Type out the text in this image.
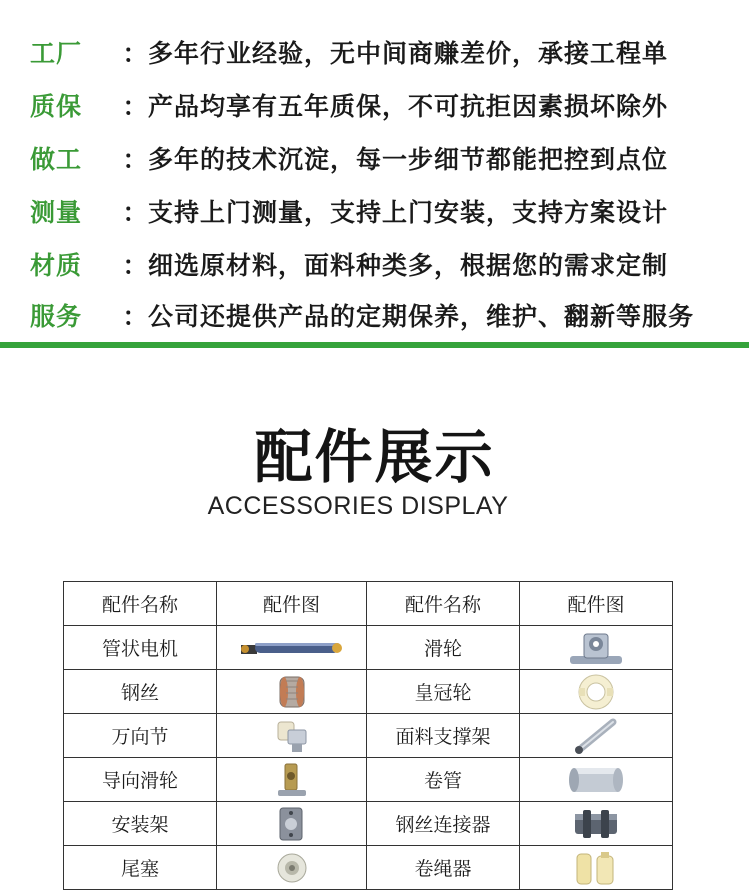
工厂	： 多年行业经验，无中间商赚差价，承接工程单
质保	： 产品均享有五年质保，不可抗拒因素损坏除外
做工	： 多年的技术沉淀，每一步细节都能把控到点位
测量	： 支持上门测量，支持上门安装，支持方案设计
材质	： 细选原材料，面料种类多，根据您的需求定制
服务	： 公司还提供产品的定期保养，维护、翻新等服务
配件展示
ACCESSORIES DISPLAY
配件名称	配件图	配件名称	配件图
管状电机		滑轮	
钢丝		皇冠轮	
万向节		面料支撑架	
导向滑轮		卷管	
安装架		钢丝连接器	
尾塞		卷绳器	
